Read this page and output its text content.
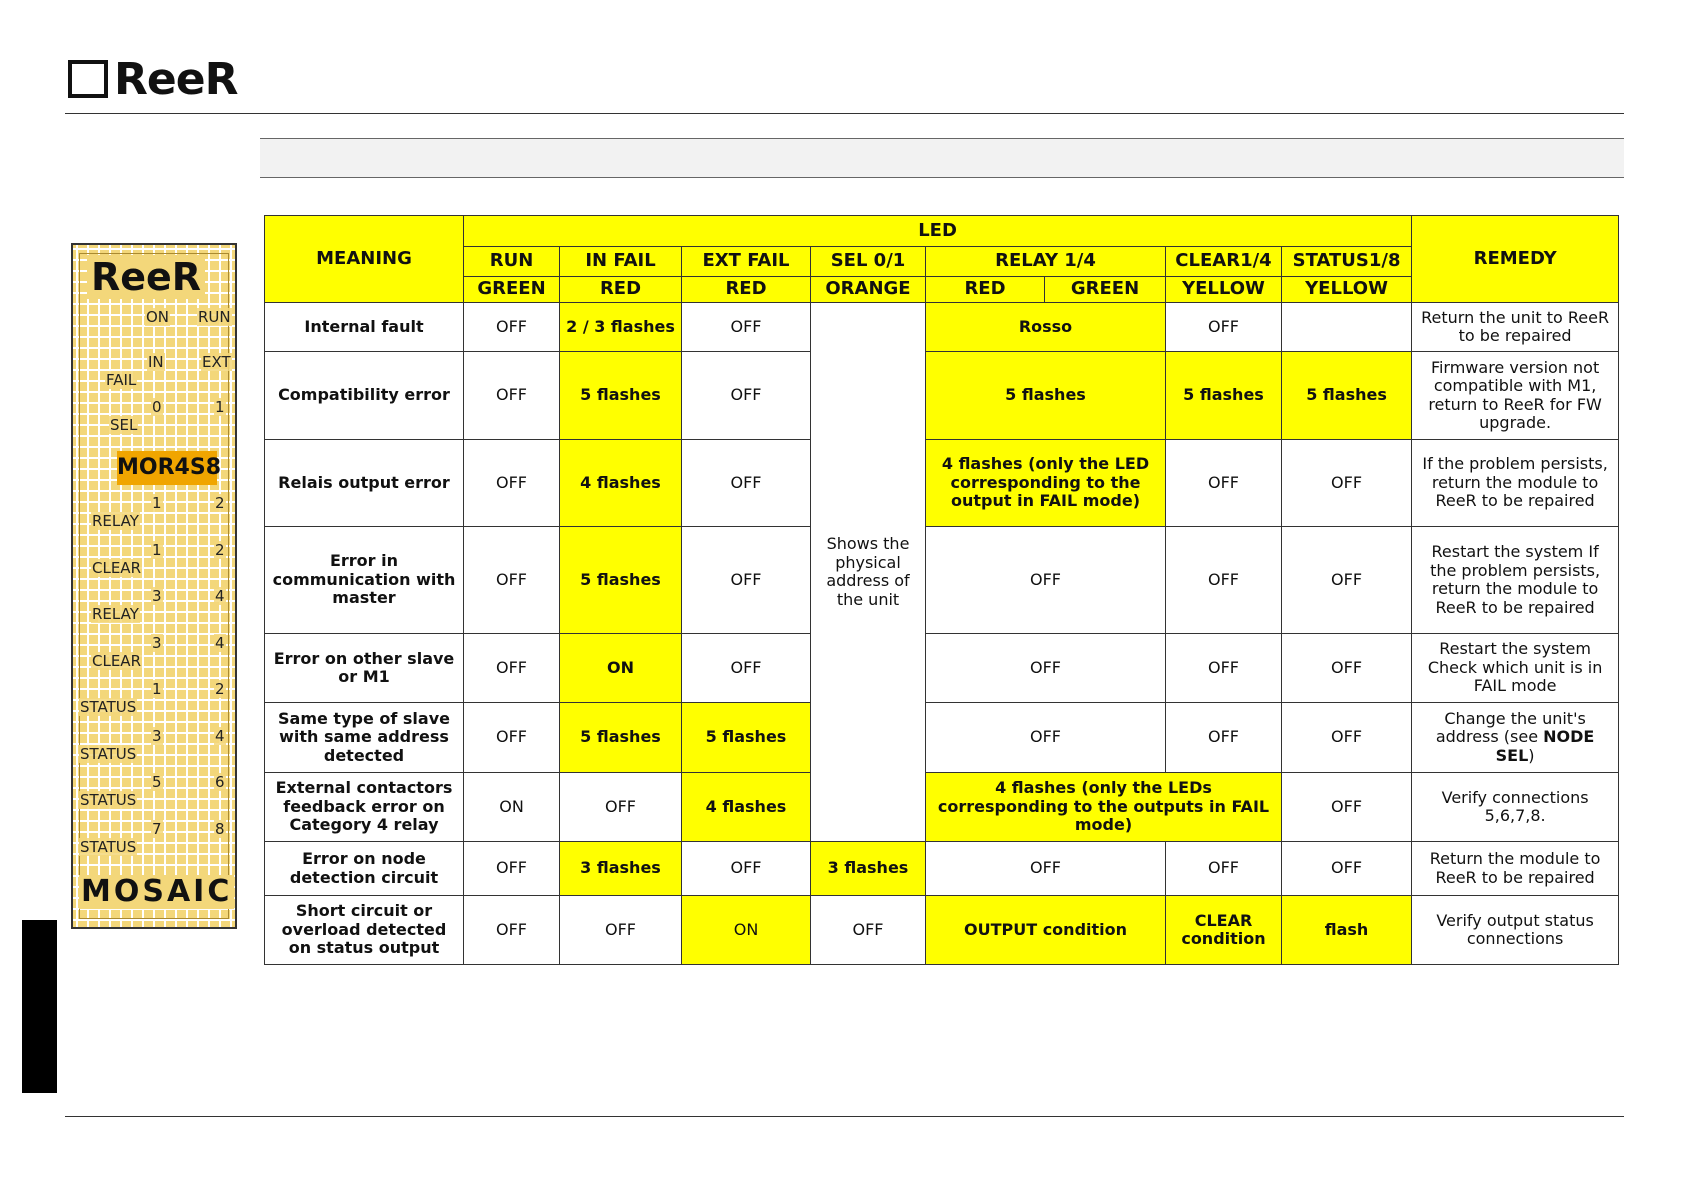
ReeR
ReeR
ON RUN
IN	EXT
FAIL
0	1
SEL
MOR4S8
1	2
RELAY
1	2
CLEAR
3	4
RELAY
3	4
CLEAR
1	2
STATUS
3	4
STATUS
5	6
STATUS
7	8
STATUS
MOSAIC
MEANING	LED								REMEDY
	RUN	IN FAIL	EXT FAIL	SEL 0/1	RELAY 1/4		CLEAR1/4	STATUS1/8	
	GREEN	RED	RED	ORANGE	RED	GREEN	YELLOW	YELLOW	
Internal fault	OFF	2 / 3 flashes	OFF	Shows the physical address of the unit	Rosso		OFF		Return the unit to ReeR to be repaired
Compatibility error	OFF	5 flashes	OFF		5 flashes		5 flashes	5 flashes	Firmware version not compatible with M1, return to ReeR for FW upgrade.
Relais output error	OFF	4 flashes	OFF		4 flashes (only the LED corresponding to the output in FAIL mode)		OFF	OFF	If the problem persists, return the module to ReeR to be repaired
Error in communication with master	OFF	5 flashes	OFF		OFF		OFF	OFF	Restart the system If the problem persists, return the module to ReeR to be repaired
Error on other slave or M1	OFF	ON	OFF		OFF		OFF	OFF	Restart the system Check which unit is in FAIL mode
Same type of slave with same address detected	OFF	5 flashes	5 flashes		OFF		OFF	OFF	Change the unit's address (see NODE SEL)
External contactors feedback error on Category 4 relay	ON	OFF	4 flashes		4 flashes (only the LEDs corresponding to the outputs in FAIL mode)			OFF	Verify connections 5,6,7,8.
Error on node detection circuit	OFF	3 flashes	OFF	3 flashes	OFF		OFF	OFF	Return the module to ReeR to be repaired
Short circuit or overload detected on status output	OFF	OFF	ON	OFF	OUTPUT condition		CLEAR condition	flash	Verify output status connections
